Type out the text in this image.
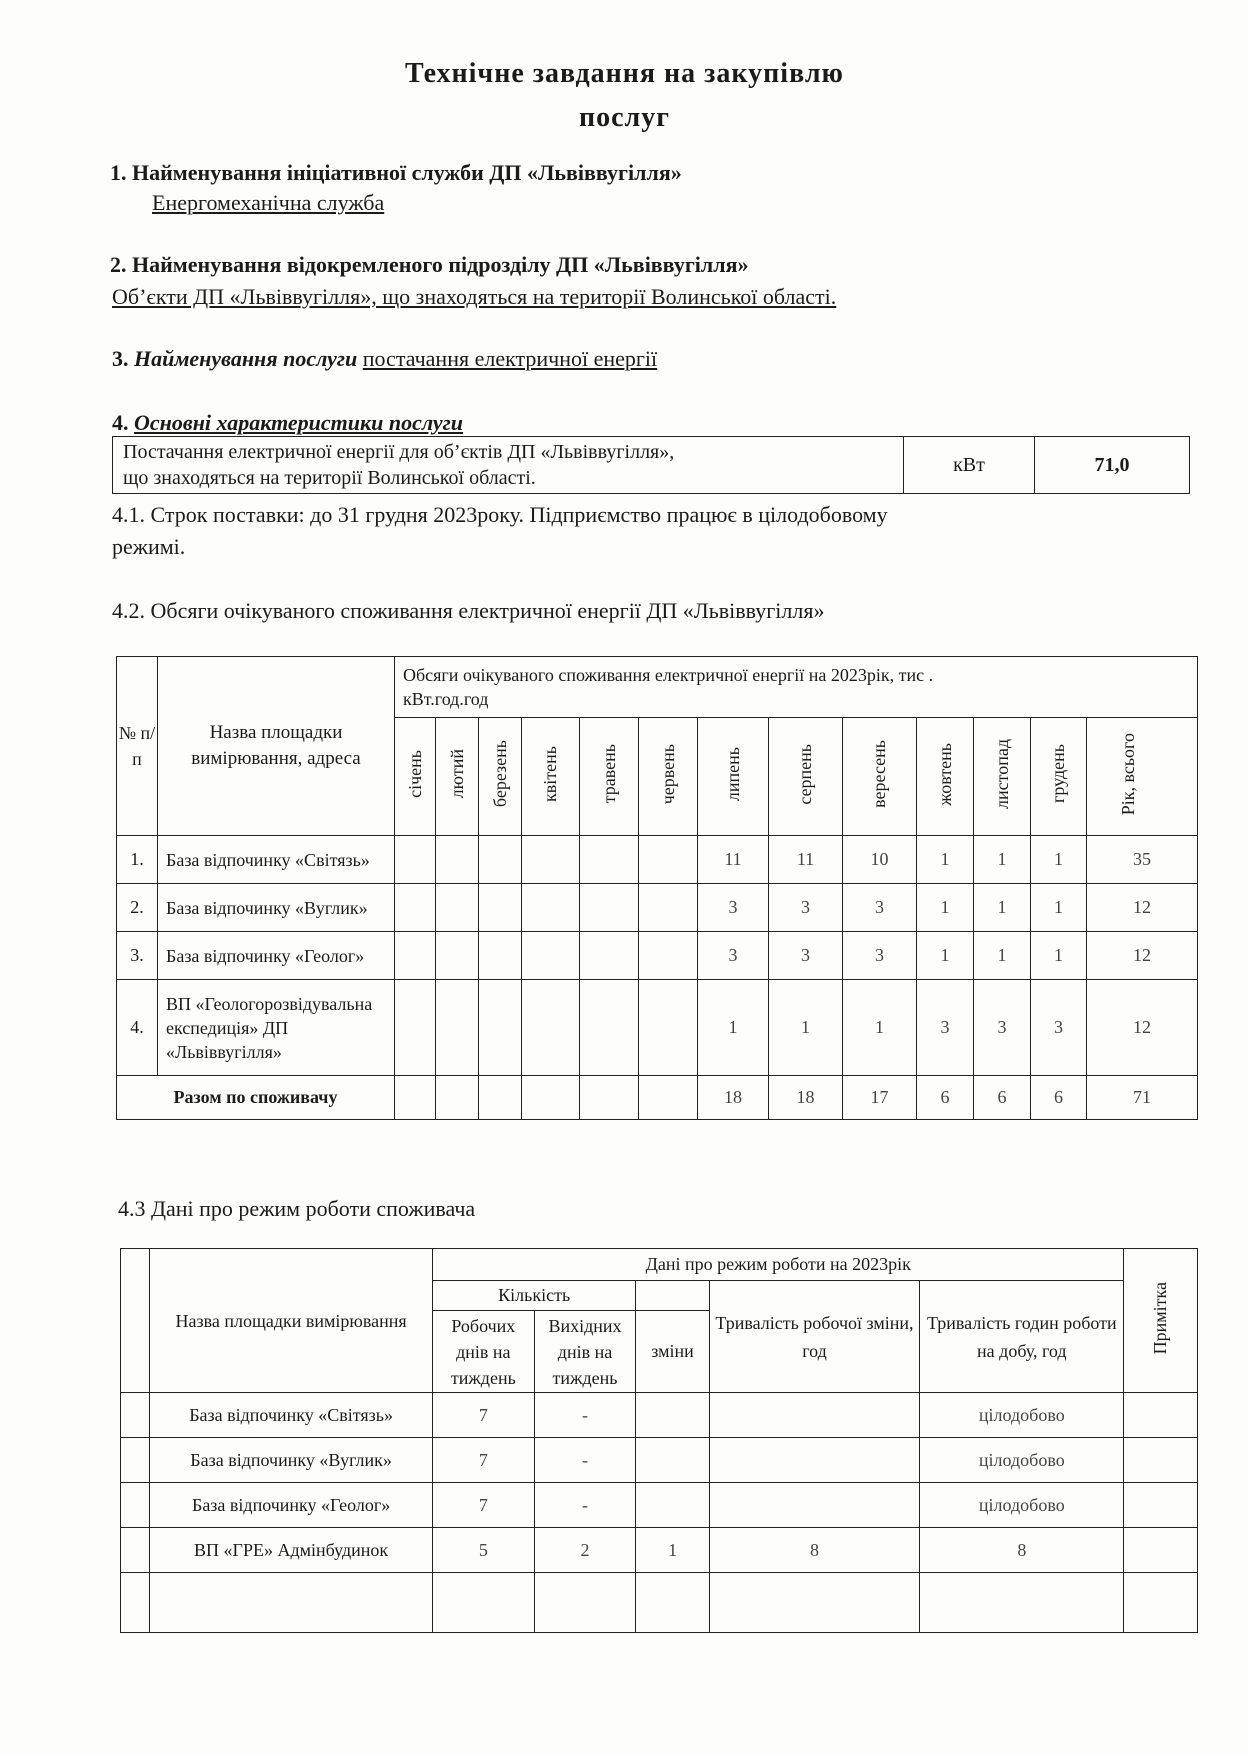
Технічне завдання на закупівлю
послуг
1. Найменування ініціативної служби ДП «Львіввугілля»
Енергомеханічна служба
2. Найменування відокремленого підрозділу ДП «Львіввугілля»
Об’єкти ДП «Львіввугілля», що знаходяться на території Волинської області.
3. Найменування послуги постачання електричної енергії
4. Основні характеристики послуги
Постачання електричної енергії для об’єктів ДП «Львіввугілля»,
що знаходяться на території Волинської області.
	кВт	71,0
4.1. Строк поставки: до 31 грудня 2023року. Підприємство працює в цілодобовому
режимі.
4.2. Обсяги очікуваного споживання електричної енергії ДП «Львіввугілля»
№ п/ п	Назва площадки вимірювання, адреса	Обсяги очікуваного споживання електричної енергії на 2023рік, тис .
кВт.год.год												

		січень	лютий	березень	квітень	травень	червень	липень	серпень	вересень	жовтень	листопад	грудень	Рік, всього
1.	База відпочинку «Світязь»							11	11	10	1	1	1	35
2.	База відпочинку «Вуглик»							3	3	3	1	1	1	12
3.	База відпочинку «Геолог»							3	3	3	1	1	1	12
4.	ВП «Геологорозвідувальна експедиція» ДП «Львіввугілля»							1	1	1	3	3	3	12
Разом по споживачу								18	18	17	6	6	6	71
4.3 Дані про режим роботи споживача
	Назва площадки вимірювання	Дані про режим роботи на 2023рік					Примітка
		Кількість			Тривалість робочої зміни, год	Тривалість годин роботи на добу, год	
		Робочих днів на тиждень	Вихідних днів на тиждень	зміни			
	База відпочинку «Світязь»	7	-			цілодобово	
	База відпочинку «Вуглик»	7	-			цілодобово	
	База відпочинку «Геолог»	7	-			цілодобово	
	ВП «ГРЕ» Адмінбудинок	5	2	1	8	8	
